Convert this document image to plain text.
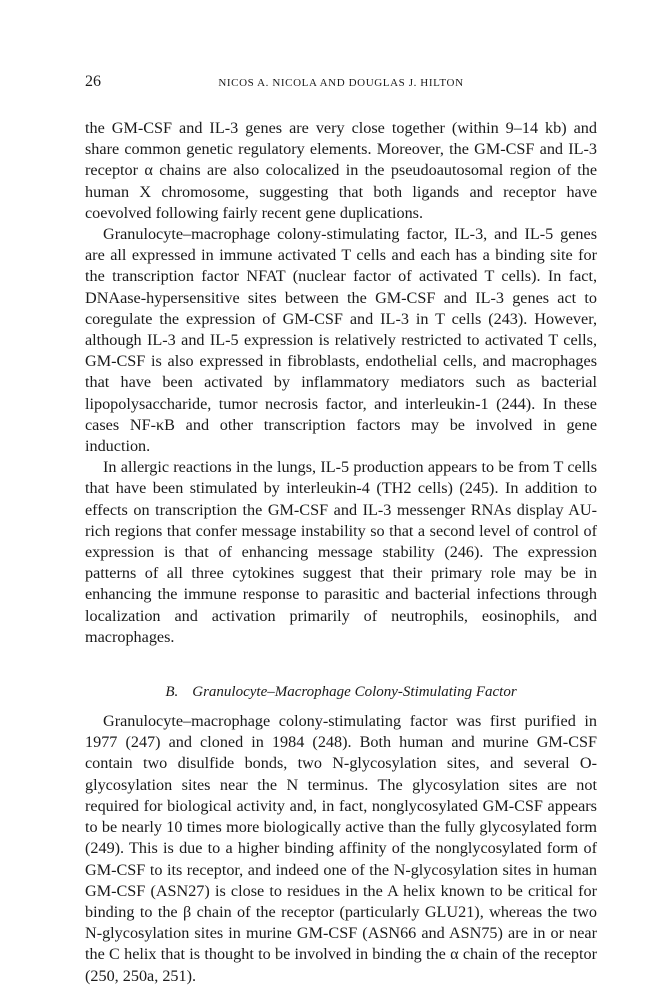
26	NICOS A. NICOLA AND DOUGLAS J. HILTON

the GM-CSF and IL-3 genes are very close together (within 9–14 kb) and share common genetic regulatory elements. Moreover, the GM-CSF and IL-3 receptor α chains are also colocalized in the pseudoautosomal region of the human X chromosome, suggesting that both ligands and receptor have coevolved following fairly recent gene duplications.

Granulocyte–macrophage colony-stimulating factor, IL-3, and IL-5 genes are all expressed in immune activated T cells and each has a binding site for the transcription factor NFAT (nuclear factor of activated T cells). In fact, DNAase-hypersensitive sites between the GM-CSF and IL-3 genes act to coregulate the expression of GM-CSF and IL-3 in T cells (243). However, although IL-3 and IL-5 expression is relatively restricted to activated T cells, GM-CSF is also expressed in fibroblasts, endothelial cells, and macrophages that have been activated by inflammatory mediators such as bacterial lipopolysaccharide, tumor necrosis factor, and interleukin-1 (244). In these cases NF-κB and other transcription factors may be involved in gene induction.

In allergic reactions in the lungs, IL-5 production appears to be from T cells that have been stimulated by interleukin-4 (TH2 cells) (245). In addition to effects on transcription the GM-CSF and IL-3 messenger RNAs display AU-rich regions that confer message instability so that a second level of control of expression is that of enhancing message stability (246). The expression patterns of all three cytokines suggest that their primary role may be in enhancing the immune response to parasitic and bacterial infections through localization and activation primarily of neutrophils, eosinophils, and macrophages.

B. Granulocyte–Macrophage Colony-Stimulating Factor

Granulocyte–macrophage colony-stimulating factor was first purified in 1977 (247) and cloned in 1984 (248). Both human and murine GM-CSF contain two disulfide bonds, two N-glycosylation sites, and several O-glycosylation sites near the N terminus. The glycosylation sites are not required for biological activity and, in fact, nonglycosylated GM-CSF appears to be nearly 10 times more biologically active than the fully glycosylated form (249). This is due to a higher binding affinity of the nonglycosylated form of GM-CSF to its receptor, and indeed one of the N-glycosylation sites in human GM-CSF (ASN27) is close to residues in the A helix known to be critical for binding to the β chain of the receptor (particularly GLU21), whereas the two N-glycosylation sites in murine GM-CSF (ASN66 and ASN75) are in or near the C helix that is thought to be involved in binding the α chain of the receptor (250, 250a, 251).
